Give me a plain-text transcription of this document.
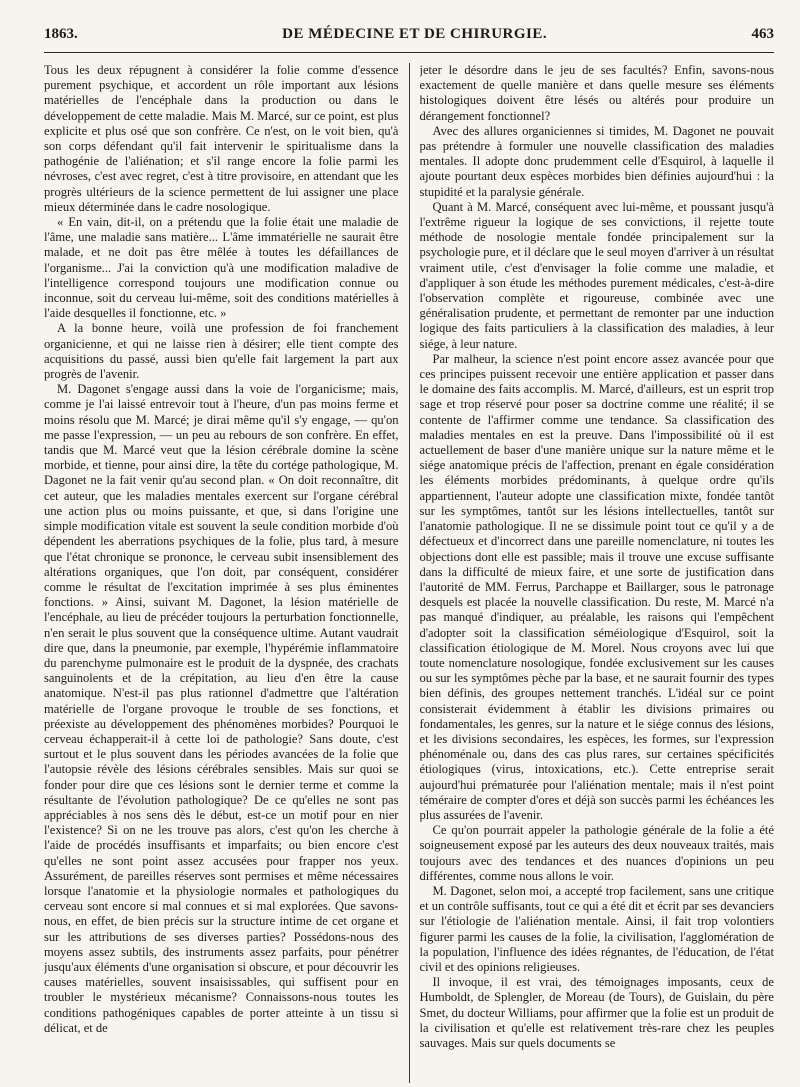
1863.	DE MÉDECINE ET DE CHIRURGIE.	463

Tous les deux répugnent à considérer la folie comme d'essence purement psychique, et accordent un rôle important aux lésions matérielles de l'encéphale dans la production ou dans le développement de cette maladie. Mais M. Marcé, sur ce point, est plus explicite et plus osé que son confrère. Ce n'est, on le voit bien, qu'à son corps défendant qu'il fait intervenir le spiritualisme dans la pathogénie de l'aliénation; et s'il range encore la folie parmi les névroses, c'est avec regret, c'est à titre provisoire, en attendant que les progrès ultérieurs de la science permettent de lui assigner une place mieux déterminée dans le cadre nosologique.

« En vain, dit-il, on a prétendu que la folie était une maladie de l'âme, une maladie sans matière... L'âme immatérielle ne saurait être malade, et ne doit pas être mêlée à toutes les défaillances de l'organisme... J'ai la conviction qu'à une modification maladive de l'intelligence correspond toujours une modification connue ou inconnue, soit du cerveau lui-même, soit des conditions matérielles à l'aide desquelles il fonctionne, etc. »

A la bonne heure, voilà une profession de foi franchement organicienne, et qui ne laisse rien à désirer; elle tient compte des acquisitions du passé, aussi bien qu'elle fait largement la part aux progrès de l'avenir.

M. Dagonet s'engage aussi dans la voie de l'organicisme; mais, comme je l'ai laissé entrevoir tout à l'heure, d'un pas moins ferme et moins résolu que M. Marcé; je dirai même qu'il s'y engage, — qu'on me passe l'expression, — un peu au rebours de son confrère. En effet, tandis que M. Marcé veut que la lésion cérébrale domine la scène morbide, et tienne, pour ainsi dire, la tête du cortége pathologique, M. Dagonet ne la fait venir qu'au second plan. « On doit reconnaître, dit cet auteur, que les maladies mentales exercent sur l'organe cérébral une action plus ou moins puissante, et que, si dans l'origine une simple modification vitale est souvent la seule condition morbide d'où dépendent les aberrations psychiques de la folie, plus tard, à mesure que l'état chronique se prononce, le cerveau subit insensiblement des altérations organiques, que l'on doit, par conséquent, considérer comme le résultat de l'excitation imprimée à ses plus éminentes fonctions. » Ainsi, suivant M. Dagonet, la lésion matérielle de l'encéphale, au lieu de précéder toujours la perturbation fonctionnelle, n'en serait le plus souvent que la conséquence ultime. Autant vaudrait dire que, dans la pneumonie, par exemple, l'hypérémie inflammatoire du parenchyme pulmonaire est le produit de la dyspnée, des crachats sanguinolents et de la crépitation, au lieu d'en être la cause anatomique. N'est-il pas plus rationnel d'admettre que l'altération matérielle de l'organe provoque le trouble de ses fonctions, et préexiste au développement des phénomènes morbides? Pourquoi le cerveau échapperait-il à cette loi de pathologie? Sans doute, c'est surtout et le plus souvent dans les périodes avancées de la folie que l'autopsie révèle des lésions cérébrales sensibles. Mais sur quoi se fonder pour dire que ces lésions sont le dernier terme et comme la résultante de l'évolution pathologique? De ce qu'elles ne sont pas appréciables à nos sens dès le début, est-ce un motif pour en nier l'existence? Si on ne les trouve pas alors, c'est qu'on les cherche à l'aide de procédés insuffisants et imparfaits; ou bien encore c'est qu'elles ne sont point assez accusées pour frapper nos yeux. Assurément, de pareilles réserves sont permises et même nécessaires lorsque l'anatomie et la physiologie normales et pathologiques du cerveau sont encore si mal connues et si mal explorées. Que savons-nous, en effet, de bien précis sur la structure intime de cet organe et sur les attributions de ses diverses parties? Possédons-nous des moyens assez subtils, des instruments assez parfaits, pour pénétrer jusqu'aux éléments d'une organisation si obscure, et pour découvrir les causes matérielles, souvent insaisissables, qui suffisent pour en troubler le mystérieux mécanisme? Connaissons-nous toutes les conditions pathogéniques capables de porter atteinte à un tissu si délicat, et de

jeter le désordre dans le jeu de ses facultés? Enfin, savons-nous exactement de quelle manière et dans quelle mesure ses éléments histologiques doivent être lésés ou altérés pour produire un dérangement fonctionnel?

Avec des allures organiciennes si timides, M. Dagonet ne pouvait pas prétendre à formuler une nouvelle classification des maladies mentales. Il adopte donc prudemment celle d'Esquirol, à laquelle il ajoute pourtant deux espèces morbides bien définies aujourd'hui : la stupidité et la paralysie générale.

Quant à M. Marcé, conséquent avec lui-même, et poussant jusqu'à l'extrême rigueur la logique de ses convictions, il rejette toute méthode de nosologie mentale fondée principalement sur la psychologie pure, et il déclare que le seul moyen d'arriver à un résultat vraiment utile, c'est d'envisager la folie comme une maladie, et d'appliquer à son étude les méthodes purement médicales, c'est-à-dire l'observation complète et rigoureuse, combinée avec une généralisation prudente, et permettant de remonter par une induction logique des faits particuliers à la classification des maladies, à leur siége, à leur nature.

Par malheur, la science n'est point encore assez avancée pour que ces principes puissent recevoir une entière application et passer dans le domaine des faits accomplis. M. Marcé, d'ailleurs, est un esprit trop sage et trop réservé pour poser sa doctrine comme une réalité; il se contente de l'affirmer comme une tendance. Sa classification des maladies mentales en est la preuve. Dans l'impossibilité où il est actuellement de baser d'une manière unique sur la nature même et le siége anatomique précis de l'affection, prenant en égale considération les éléments morbides prédominants, à quelque ordre qu'ils appartiennent, l'auteur adopte une classification mixte, fondée tantôt sur les symptômes, tantôt sur les lésions intellectuelles, tantôt sur l'anatomie pathologique. Il ne se dissimule point tout ce qu'il y a de défectueux et d'incorrect dans une pareille nomenclature, ni toutes les objections dont elle est passible; mais il trouve une excuse suffisante dans la difficulté de mieux faire, et une sorte de justification dans l'autorité de MM. Ferrus, Parchappe et Baillarger, sous le patronage desquels est placée la nouvelle classification. Du reste, M. Marcé n'a pas manqué d'indiquer, au préalable, les raisons qui l'empêchent d'adopter soit la classification séméiologique d'Esquirol, soit la classification étiologique de M. Morel. Nous croyons avec lui que toute nomenclature nosologique, fondée exclusivement sur les causes ou sur les symptômes pèche par la base, et ne saurait fournir des types bien définis, des groupes nettement tranchés. L'idéal sur ce point consisterait évidemment à établir les divisions primaires ou fondamentales, les genres, sur la nature et le siége connus des lésions, et les divisions secondaires, les espèces, les formes, sur l'expression phénoménale ou, dans des cas plus rares, sur certaines spécificités étiologiques (virus, intoxications, etc.). Cette entreprise serait aujourd'hui prématurée pour l'aliénation mentale; mais il n'est point téméraire de compter d'ores et déjà son succès parmi les échéances les plus assurées de l'avenir.

Ce qu'on pourrait appeler la pathologie générale de la folie a été soigneusement exposé par les auteurs des deux nouveaux traités, mais toujours avec des tendances et des nuances d'opinions un peu différentes, comme nous allons le voir.

M. Dagonet, selon moi, a accepté trop facilement, sans une critique et un contrôle suffisants, tout ce qui a été dit et écrit par ses devanciers sur l'étiologie de l'aliénation mentale. Ainsi, il fait trop volontiers figurer parmi les causes de la folie, la civilisation, l'agglomération de la population, l'influence des idées régnantes, de l'éducation, de l'état civil et des opinions religieuses.

Il invoque, il est vrai, des témoignages imposants, ceux de Humboldt, de Splengler, de Moreau (de Tours), de Guislain, du père Smet, du docteur Williams, pour affirmer que la folie est un produit de la civilisation et qu'elle est relativement très-rare chez les peuples sauvages. Mais sur quels documents se
